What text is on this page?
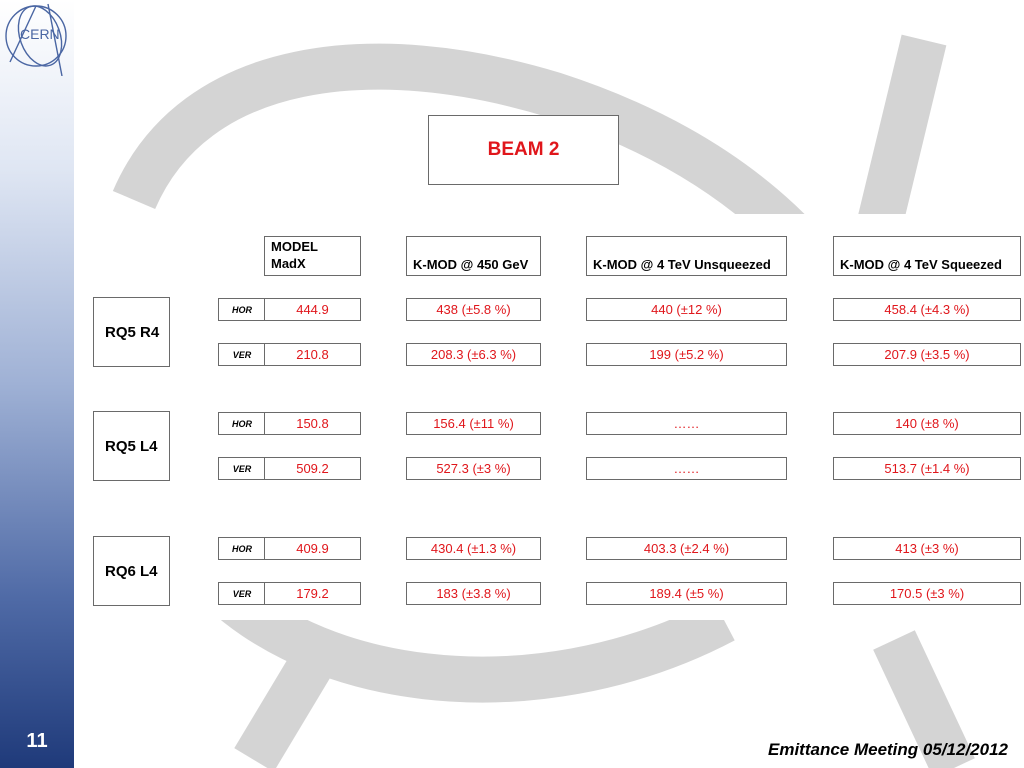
CERN
BEAM 2
MODEL
MadX	K-MOD @ 450 GeV	K-MOD @ 4 TeV Unsqueezed	K-MOD @ 4 TeV Squeezed
RQ5 R4
HOR	444.9	438 (±5.8 %)	440 (±12 %)	458.4 (±4.3 %)
VER	210.8	208.3 (±6.3 %)	199 (±5.2 %)	207.9 (±3.5 %)
RQ5 L4
HOR	150.8	156.4 (±11 %)	……	140 (±8 %)
VER	509.2	527.3 (±3 %)	……	513.7 (±1.4 %)
RQ6 L4
HOR	409.9	430.4 (±1.3 %)	403.3 (±2.4 %)	413 (±3 %)
VER	179.2	183 (±3.8 %)	189.4 (±5 %)	170.5 (±3 %)
11	Emittance Meeting 05/12/2012
